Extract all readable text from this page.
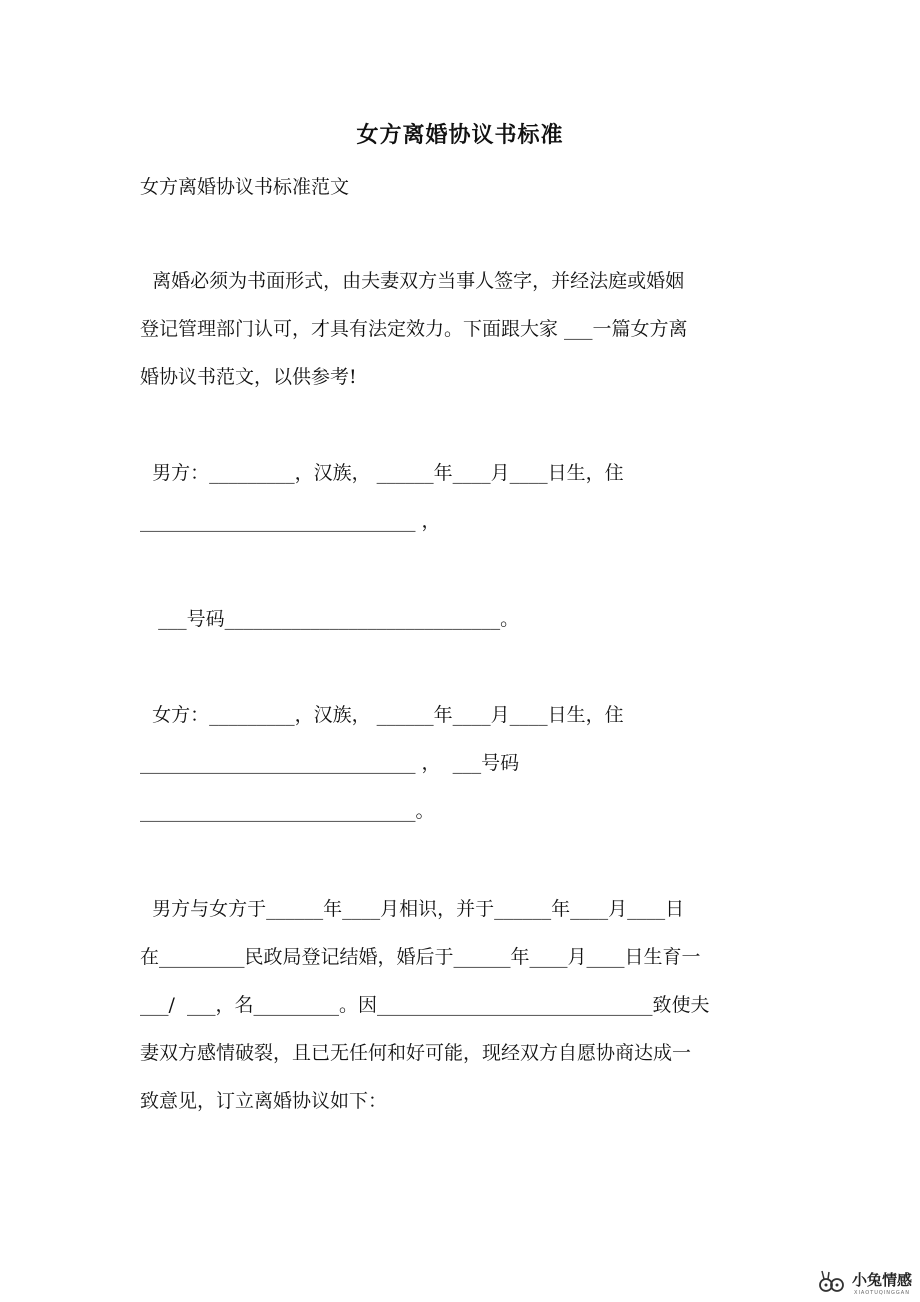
女方离婚协议书标准
女方离婚协议书标准范文
离婚必须为书面形式，由夫妻双方当事人签字，并经法庭或婚姻
登记管理部门认可，才具有法定效力。下面跟大家 ___一篇女方离
婚协议书范文，以供参考!
男方：_________，汉族， ______年____月____日生，住
_____________________________ ，
___号码_____________________________。
女方：_________，汉族， ______年____月____日生，住
_____________________________ ，  ___号码
_____________________________。
男方与女方于______年____月相识，并于______年____月____日
在_________民政局登记结婚，婚后于______年____月____日生育一
___/  ___，名_________。因_____________________________致使夫
妻双方感情破裂，且已无任何和好可能，现经双方自愿协商达成一
致意见，订立离婚协议如下：
小兔情感
XIAOTUQINGGAN
